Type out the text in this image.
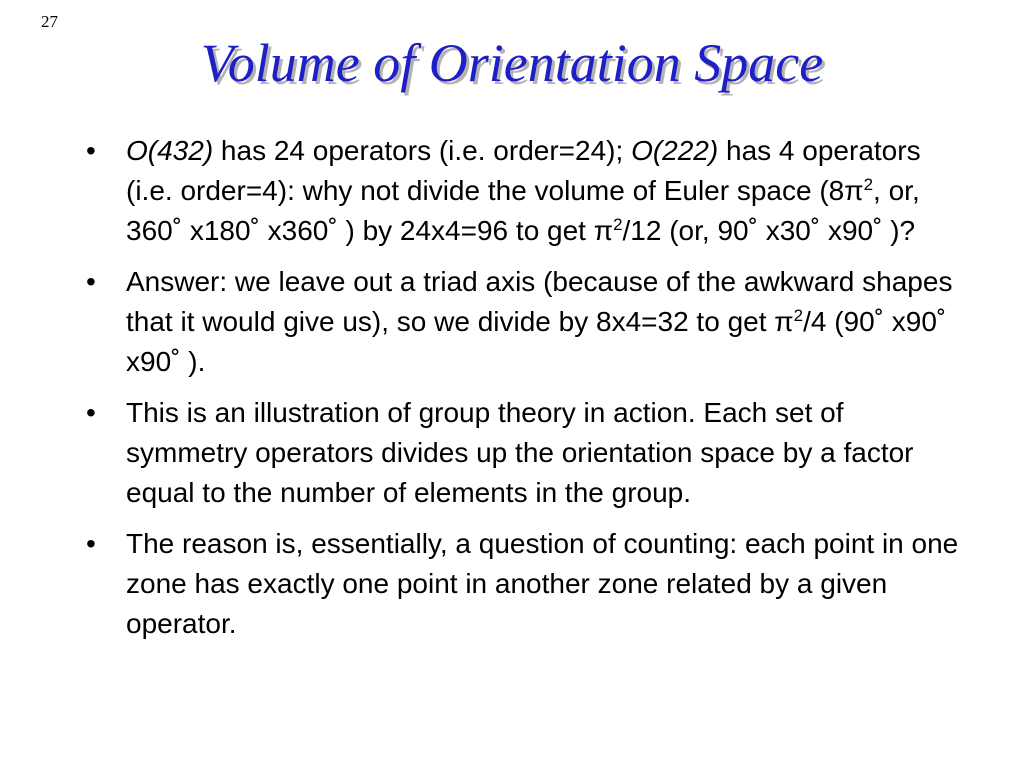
27
Volume of Orientation Space
• O(432) has 24 operators (i.e. order=24); O(222) has 4 operators (i.e. order=4): why not divide the volume of Euler space ($8\pi^2$, or, 360˚ x180˚ x360˚ ) by 24x4=96 to get $\pi^2/12$ (or, 90˚ x30˚ x90˚ )?
• Answer: we leave out a triad axis (because of the awkward shapes that it would give us), so we divide by 8x4=32 to get $\pi^2/4$ (90˚ x90˚ x90˚ ).
• This is an illustration of group theory in action. Each set of symmetry operators divides up the orientation space by a factor equal to the number of elements in the group.
• The reason is, essentially, a question of counting: each point in one zone has exactly one point in another zone related by a given operator.
